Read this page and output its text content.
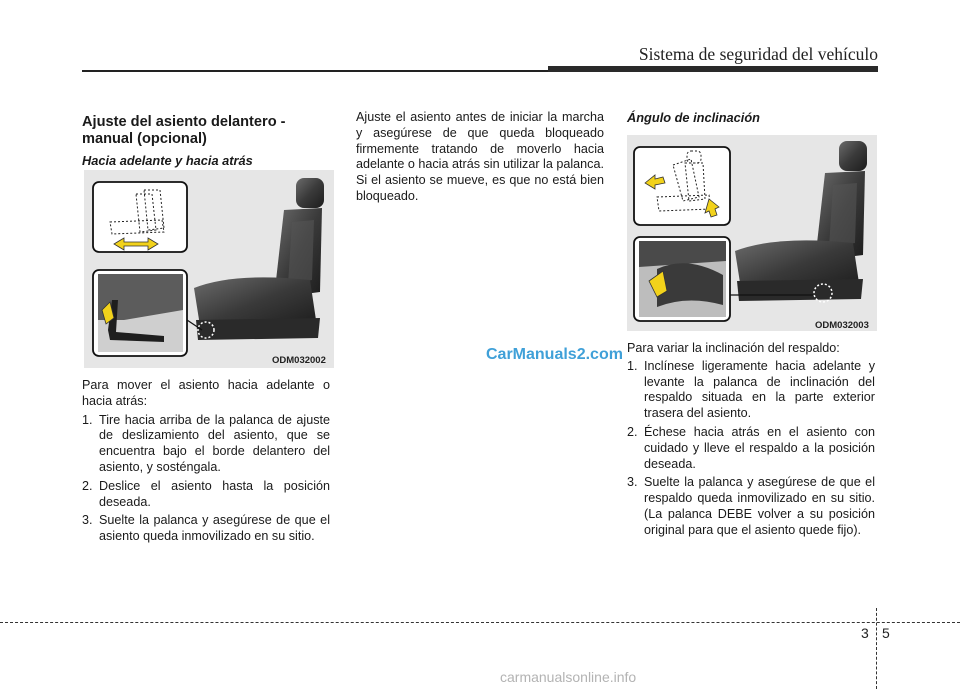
Sistema de seguridad del vehículo
Ajuste del asiento delantero - manual (opcional)
Hacia adelante y hacia atrás
ODM032002

Para mover el asiento hacia adelante o hacia atrás:

1. Tire hacia arriba de la palanca de ajuste de deslizamiento del asiento, que se encuentra bajo el borde delantero del asiento, y sosténgala.
2. Deslice el asiento hasta la posición deseada.
3. Suelte la palanca y asegúrese de que el asiento queda inmovilizado en su sitio.

Ajuste el asiento antes de iniciar la marcha y asegúrese de que queda bloqueado firmemente tratando de moverlo hacia adelante o hacia atrás sin utilizar la palanca. Si el asiento se mueve, es que no está bien bloqueado.

Ángulo de inclinación
ODM032003

Para variar la inclinación del respaldo:

1. Inclínese ligeramente hacia adelante y levante la palanca de inclinación del respaldo situada en la parte exterior trasera del asiento.
2. Échese hacia atrás en el asiento con cuidado y lleve el respaldo a la posición deseada.
3. Suelte la palanca y asegúrese de que el respaldo queda inmovilizado en su sitio. (La palanca DEBE volver a su posición original para que el asiento quede fijo).
CarManuals2.com
3 5
carmanualsonline.info
